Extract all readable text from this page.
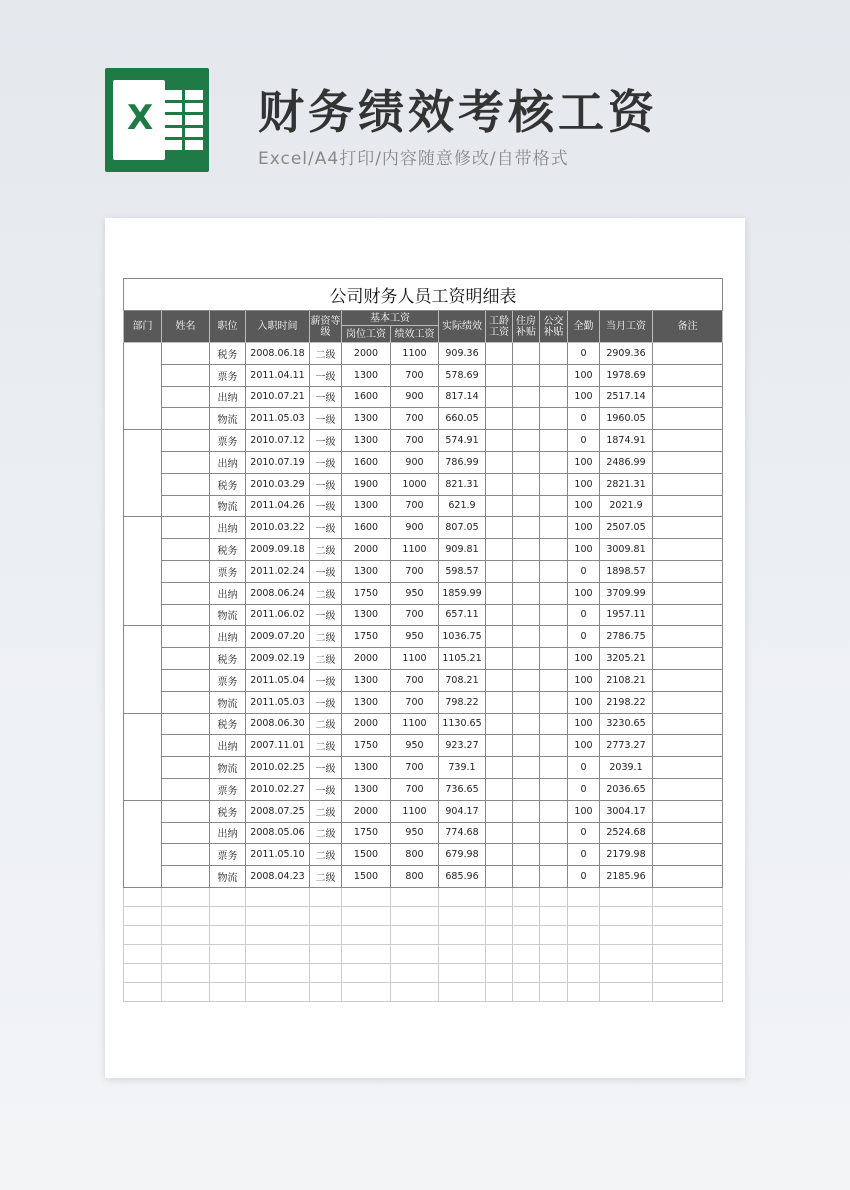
X 财务绩效考核工资
Excel/A4打印/内容随意修改/自带格式
公司财务人员工资明细表													
部门	姓名	职位	入职时间	薪资等级	基本工资		实际绩效	工龄工资	住房补贴	公交补贴	全勤	当月工资	备注
					岗位工资	绩效工资							
		税务	2008.06.18	二级	2000	1100	909.36				0	2909.36	
		票务	2011.04.11	一级	1300	700	578.69				100	1978.69	
		出纳	2010.07.21	一级	1600	900	817.14				100	2517.14	
		物流	2011.05.03	一级	1300	700	660.05				0	1960.05	
		票务	2010.07.12	一级	1300	700	574.91				0	1874.91	
		出纳	2010.07.19	一级	1600	900	786.99				100	2486.99	
		税务	2010.03.29	一级	1900	1000	821.31				100	2821.31	
		物流	2011.04.26	一级	1300	700	621.9				100	2021.9	
		出纳	2010.03.22	一级	1600	900	807.05				100	2507.05	
		税务	2009.09.18	二级	2000	1100	909.81				100	3009.81	
		票务	2011.02.24	一级	1300	700	598.57				0	1898.57	
		出纳	2008.06.24	二级	1750	950	1859.99				100	3709.99	
		物流	2011.06.02	一级	1300	700	657.11				0	1957.11	
		出纳	2009.07.20	二级	1750	950	1036.75				0	2786.75	
		税务	2009.02.19	二级	2000	1100	1105.21				100	3205.21	
		票务	2011.05.04	一级	1300	700	708.21				100	2108.21	
		物流	2011.05.03	一级	1300	700	798.22				100	2198.22	
		税务	2008.06.30	二级	2000	1100	1130.65				100	3230.65	
		出纳	2007.11.01	二级	1750	950	923.27				100	2773.27	
		物流	2010.02.25	一级	1300	700	739.1				0	2039.1	
		票务	2010.02.27	一级	1300	700	736.65				0	2036.65	
		税务	2008.07.25	二级	2000	1100	904.17				100	3004.17	
		出纳	2008.05.06	二级	1750	950	774.68				0	2524.68	
		票务	2011.05.10	二级	1500	800	679.98				0	2179.98	
		物流	2008.04.23	二级	1500	800	685.96				0	2185.96	
